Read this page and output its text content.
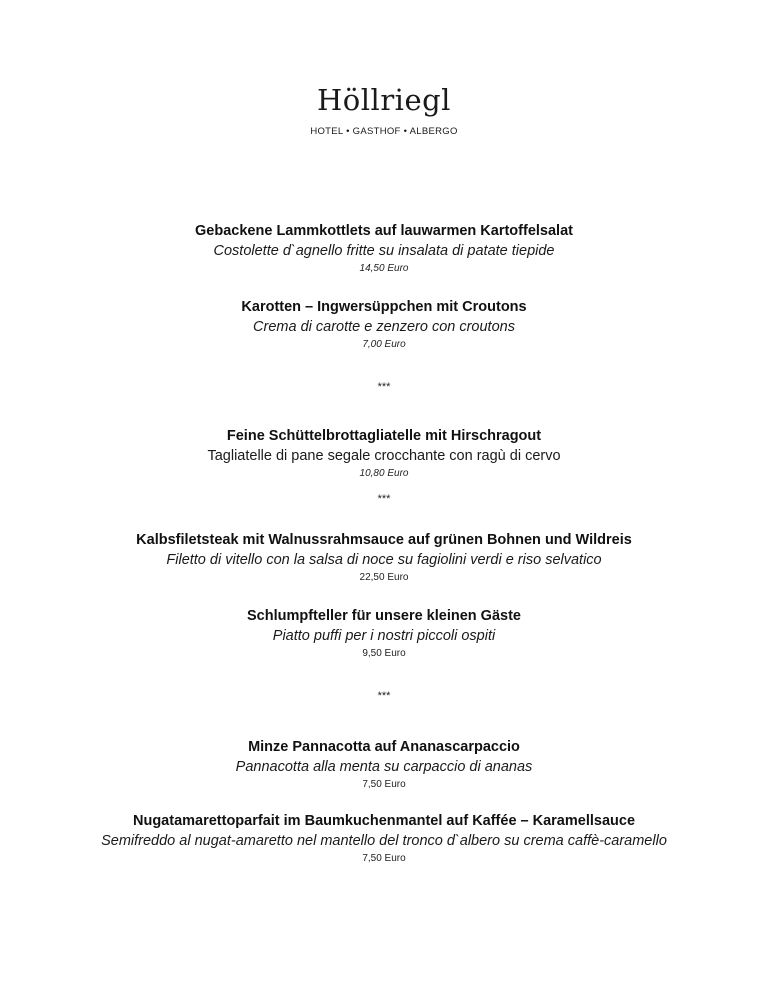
Höllriegl
HOTEL • GASTHOF • ALBERGO
Gebackene Lammkottlets auf lauwarmen Kartoffelsalat
Costolette d`agnello fritte su insalata di patate tiepide
14,50 Euro
Karotten – Ingwersüppchen mit Croutons
Crema di carotte e zenzero con croutons
7,00 Euro
***
Feine Schüttelbrottagliatelle mit Hirschragout
Tagliatelle di pane segale crocchante con ragù di cervo
10,80 Euro
***
Kalbsfiletsteak mit Walnussrahmsauce auf grünen Bohnen und Wildreis
Filetto di vitello con la salsa di noce su fagiolini verdi e riso selvatico
22,50 Euro
Schlumpfteller für unsere kleinen Gäste
Piatto puffi per i nostri piccoli ospiti
9,50 Euro
***
Minze Pannacotta auf Ananascarpaccio
Pannacotta alla menta su carpaccio di ananas
7,50 Euro
Nugatamarettoparfait im Baumkuchenmantel auf Kaffée – Karamellsauce
Semifreddo al nugat-amaretto nel mantello del tronco d`albero su crema caffè-caramello
7,50 Euro
